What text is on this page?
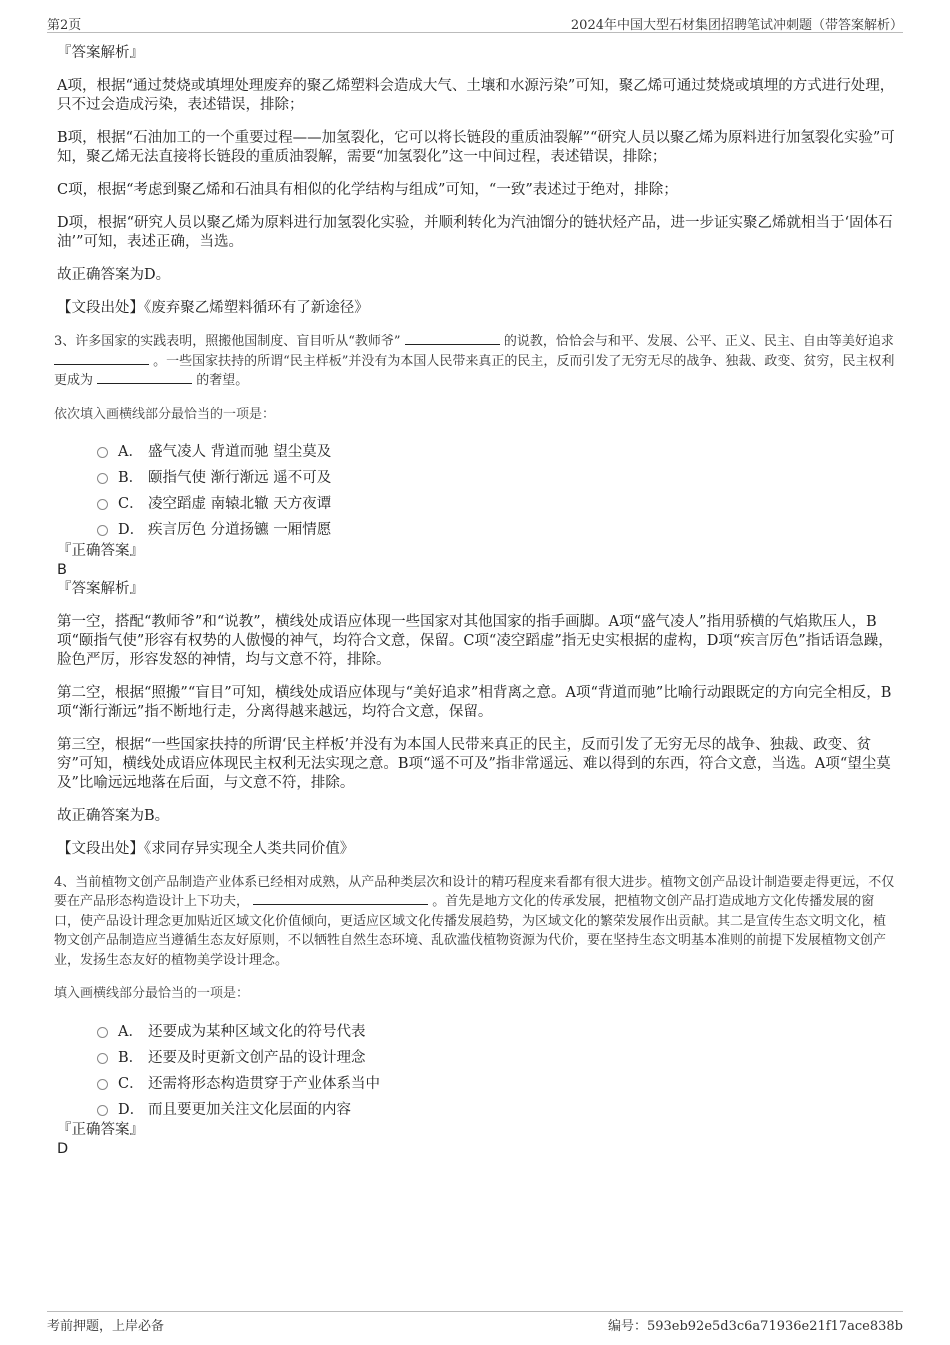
第2页	2024年中国大型石材集团招聘笔试冲刺题（带答案解析）

『答案解析』

A项，根据“通过焚烧或填埋处理废弃的聚乙烯塑料会造成大气、土壤和水源污染”可知，聚乙烯可通过焚烧或填埋的方式进行处理，只不过会造成污染，表述错误，排除；

B项，根据“石油加工的一个重要过程——加氢裂化，它可以将长链段的重质油裂解”“研究人员以聚乙烯为原料进行加氢裂化实验”可知，聚乙烯无法直接将长链段的重质油裂解，需要“加氢裂化”这一中间过程，表述错误，排除；

C项，根据“考虑到聚乙烯和石油具有相似的化学结构与组成”可知，“一致”表述过于绝对，排除；

D项，根据“研究人员以聚乙烯为原料进行加氢裂化实验，并顺利转化为汽油馏分的链状烃产品，进一步证实聚乙烯就相当于‘固体石油’”可知，表述正确，当选。

故正确答案为D。

【文段出处】《废弃聚乙烯塑料循环有了新途径》

3、许多国家的实践表明，照搬他国制度、盲目听从“教师爷”	的说教，恰恰会与和平、发展、公平、正义、民主、自由等美好追求  。一些国家扶持的所谓“民主样板”并没有为本国人民带来真正的民主，反而引发了无穷无尽的战争、独裁、政变、贫穷，民主权利更成为	的奢望。

依次填入画横线部分最恰当的一项是：

A． 盛气凌人 背道而驰 望尘莫及
B． 颐指气使 渐行渐远 遥不可及
C． 凌空蹈虚 南辕北辙 天方夜谭
D． 疾言厉色 分道扬镳 一厢情愿

『正确答案』

B

『答案解析』

第一空，搭配“教师爷”和“说教”，横线处成语应体现一些国家对其他国家的指手画脚。A项“盛气凌人”指用骄横的气焰欺压人，B项“颐指气使”形容有权势的人傲慢的神气，均符合文意，保留。C项“凌空蹈虚”指无史实根据的虚构，D项“疾言厉色”指话语急躁，脸色严厉，形容发怒的神情，均与文意不符，排除。

第二空，根据“照搬”“盲目”可知，横线处成语应体现与“美好追求”相背离之意。A项“背道而驰”比喻行动跟既定的方向完全相反，B项“渐行渐远”指不断地行走，分离得越来越远，均符合文意，保留。

第三空，根据“一些国家扶持的所谓‘民主样板’并没有为本国人民带来真正的民主，反而引发了无穷无尽的战争、独裁、政变、贫穷”可知，横线处成语应体现民主权利无法实现之意。B项“遥不可及”指非常遥远、难以得到的东西，符合文意，当选。A项“望尘莫及”比喻远远地落在后面，与文意不符，排除。

故正确答案为B。

【文段出处】《求同存异实现全人类共同价值》

4、当前植物文创产品制造产业体系已经相对成熟，从产品种类层次和设计的精巧程度来看都有很大进步。植物文创产品设计制造要走得更远，不仅要在产品形态构造设计上下功夫，	。首先是地方文化的传承发展，把植物文创产品打造成地方文化传播发展的窗口，使产品设计理念更加贴近区域文化价值倾向，更适应区域文化传播发展趋势，为区域文化的繁荣发展作出贡献。其二是宣传生态文明文化，植物文创产品制造应当遵循生态友好原则，不以牺牲自然生态环境、乱砍滥伐植物资源为代价，要在坚持生态文明基本准则的前提下发展植物文创产业，发扬生态友好的植物美学设计理念。

填入画横线部分最恰当的一项是：

A． 还要成为某种区域文化的符号代表
B． 还要及时更新文创产品的设计理念
C． 还需将形态构造贯穿于产业体系当中
D． 而且要更加关注文化层面的内容

『正确答案』

D

考前押题，上岸必备	编号：593eb92e5d3c6a71936e21f17ace838b
